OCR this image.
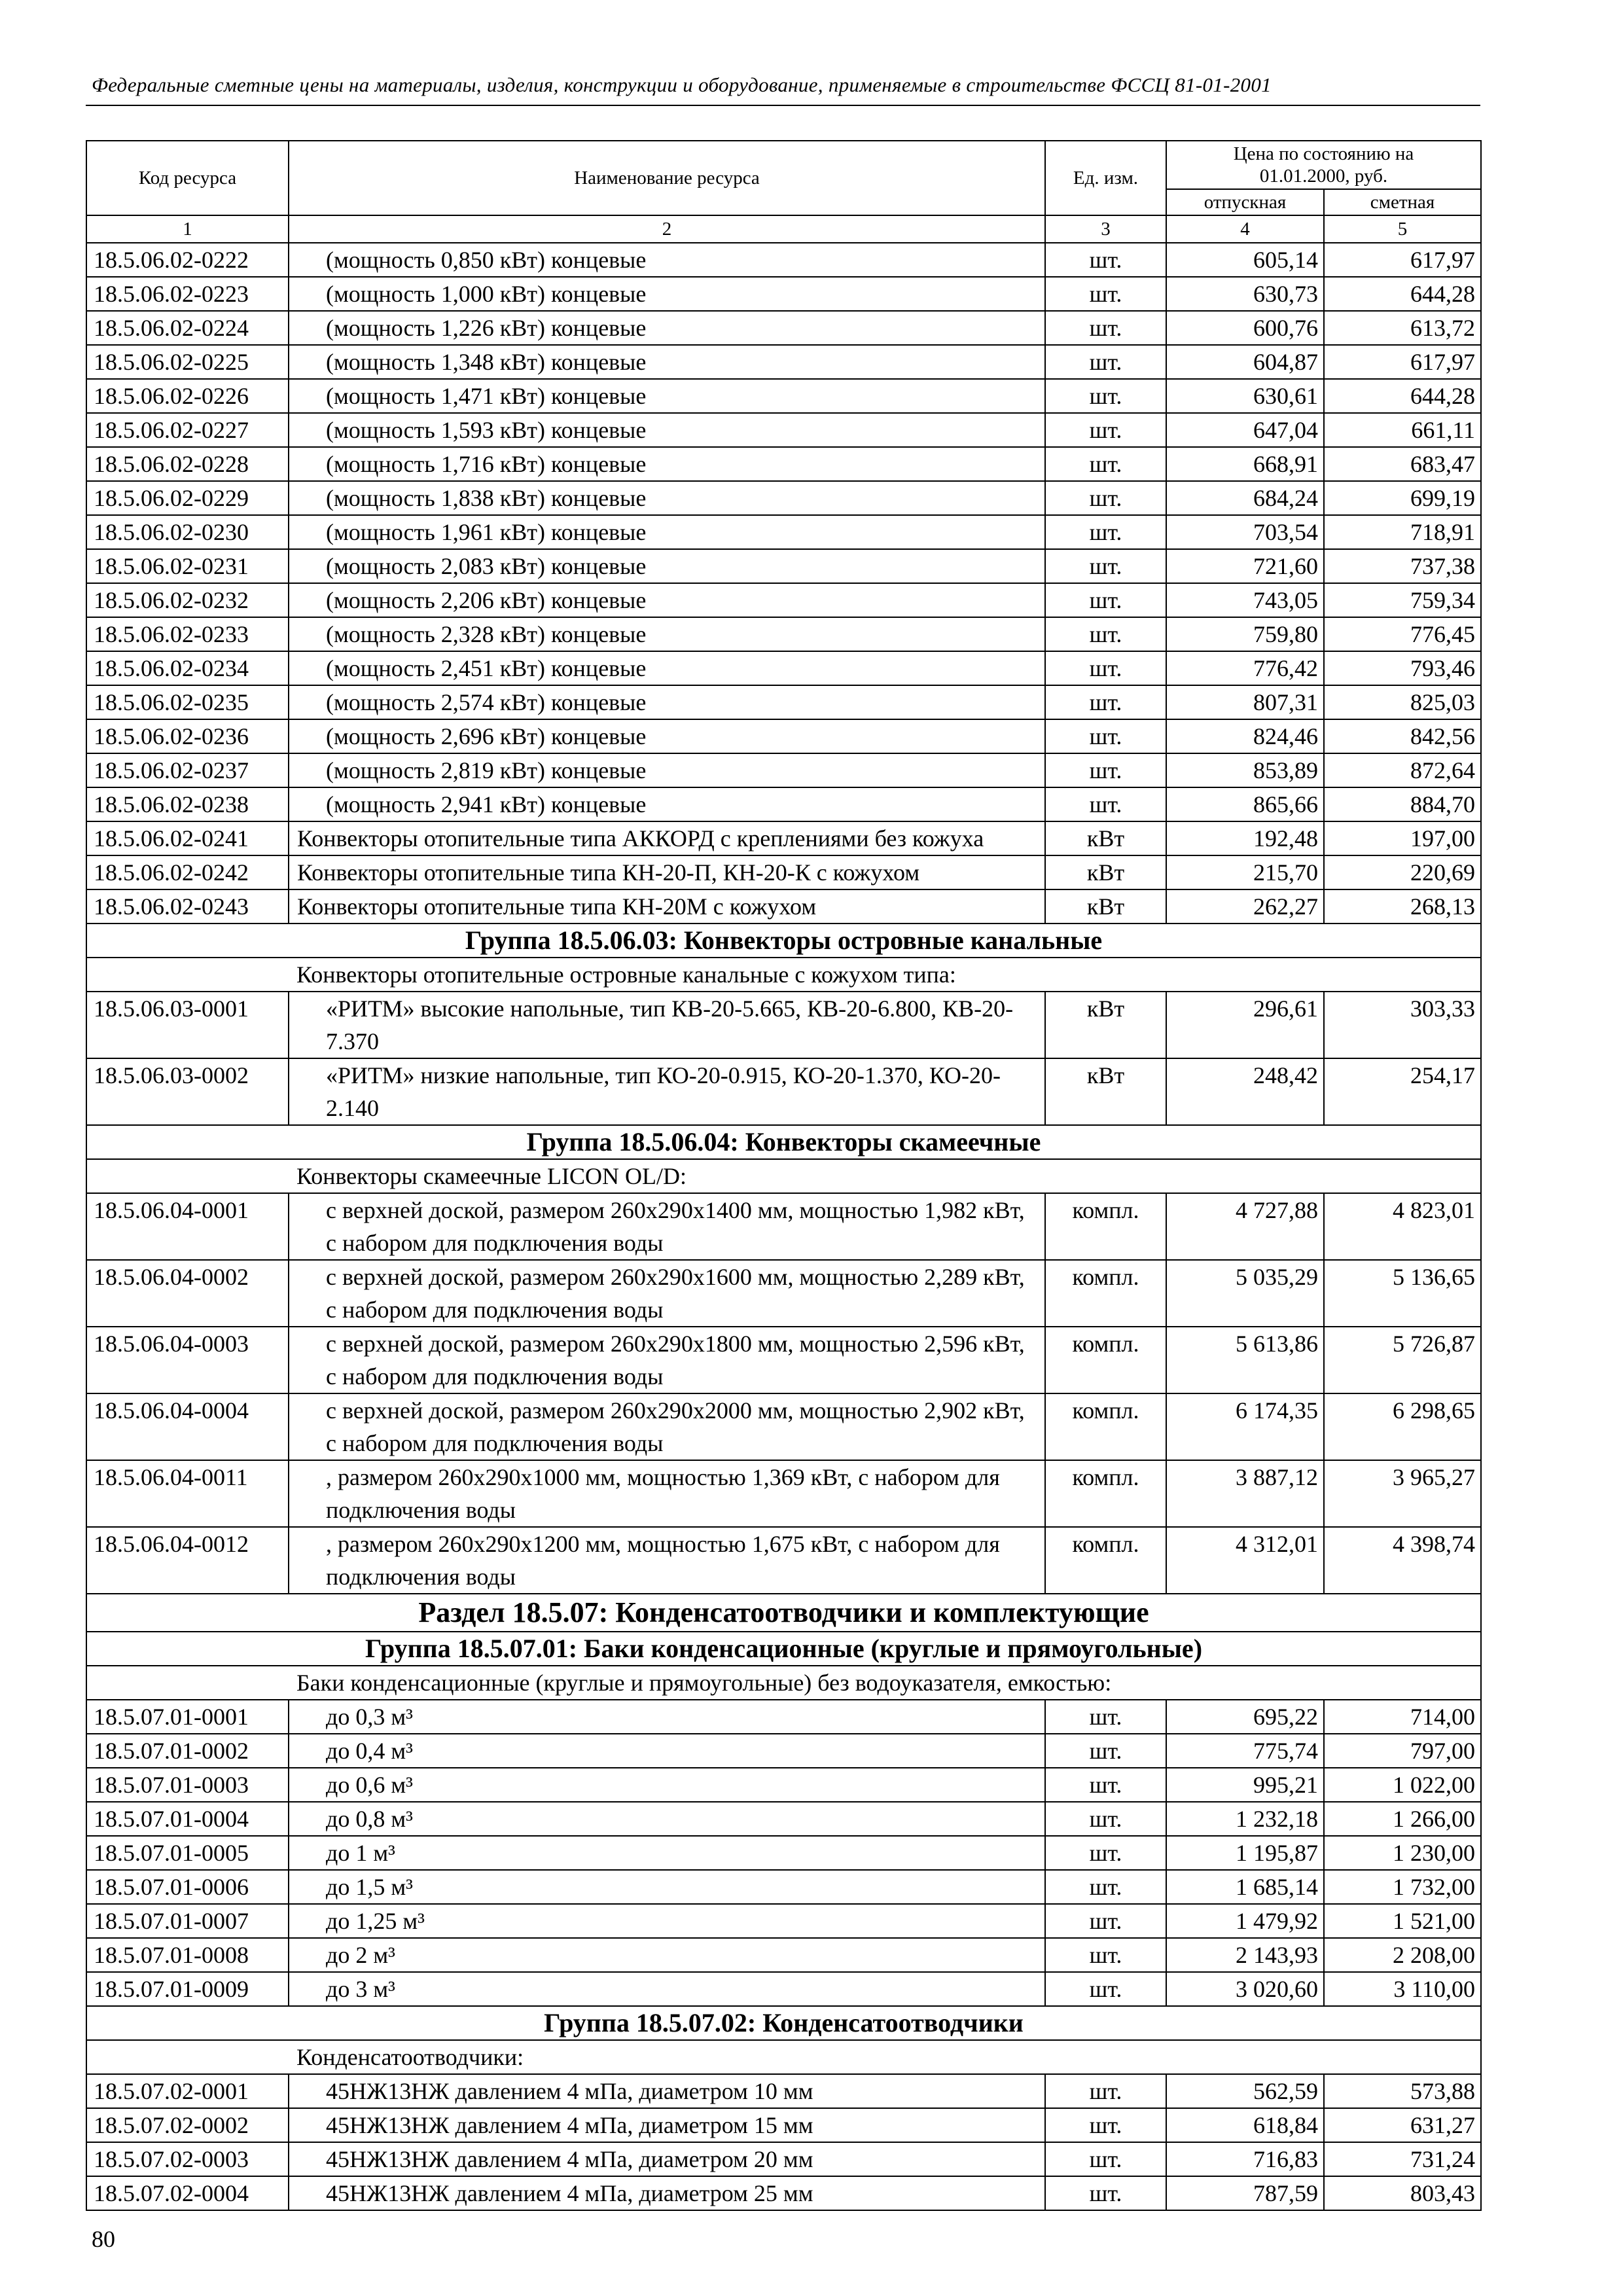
Федеральные сметные цены на материалы, изделия, конструкции и оборудование, применяемые в строительстве ФССЦ 81-01-2001
Код ресурса	Наименование ресурса	Ед. изм.	Цена по состоянию на 01.01.2000, руб.	
			отпускная	сметная
1	2	3	4	5
18.5.06.02-0222	(мощность 0,850 кВт) концевые	шт.	605,14	617,97
18.5.06.02-0223	(мощность 1,000 кВт) концевые	шт.	630,73	644,28
18.5.06.02-0224	(мощность 1,226 кВт) концевые	шт.	600,76	613,72
18.5.06.02-0225	(мощность 1,348 кВт) концевые	шт.	604,87	617,97
18.5.06.02-0226	(мощность 1,471 кВт) концевые	шт.	630,61	644,28
18.5.06.02-0227	(мощность 1,593 кВт) концевые	шт.	647,04	661,11
18.5.06.02-0228	(мощность 1,716 кВт) концевые	шт.	668,91	683,47
18.5.06.02-0229	(мощность 1,838 кВт) концевые	шт.	684,24	699,19
18.5.06.02-0230	(мощность 1,961 кВт) концевые	шт.	703,54	718,91
18.5.06.02-0231	(мощность 2,083 кВт) концевые	шт.	721,60	737,38
18.5.06.02-0232	(мощность 2,206 кВт) концевые	шт.	743,05	759,34
18.5.06.02-0233	(мощность 2,328 кВт) концевые	шт.	759,80	776,45
18.5.06.02-0234	(мощность 2,451 кВт) концевые	шт.	776,42	793,46
18.5.06.02-0235	(мощность 2,574 кВт) концевые	шт.	807,31	825,03
18.5.06.02-0236	(мощность 2,696 кВт) концевые	шт.	824,46	842,56
18.5.06.02-0237	(мощность 2,819 кВт) концевые	шт.	853,89	872,64
18.5.06.02-0238	(мощность 2,941 кВт) концевые	шт.	865,66	884,70
18.5.06.02-0241	Конвекторы отопительные типа АККОРД с креплениями без кожуха	кВт	192,48	197,00
18.5.06.02-0242	Конвекторы отопительные типа КН-20-П, КН-20-К с кожухом	кВт	215,70	220,69
18.5.06.02-0243	Конвекторы отопительные типа КН-20М с кожухом	кВт	262,27	268,13
Группа 18.5.06.03: Конвекторы островные канальные				
Конвекторы отопительные островные канальные с кожухом типа:				
18.5.06.03-0001	«РИТМ» высокие напольные, тип КВ-20-5.665, КВ-20-6.800, КВ-20-7.370	кВт	296,61	303,33
18.5.06.03-0002	«РИТМ» низкие напольные, тип КО-20-0.915, КО-20-1.370, КО-20-2.140	кВт	248,42	254,17
Группа 18.5.06.04: Конвекторы скамеечные				
Конвекторы скамеечные LICON OL/D:				
18.5.06.04-0001	с верхней доской, размером 260х290х1400 мм, мощностью 1,982 кВт, с набором для подключения воды	компл.	4 727,88	4 823,01
18.5.06.04-0002	с верхней доской, размером 260х290х1600 мм, мощностью 2,289 кВт, с набором для подключения воды	компл.	5 035,29	5 136,65
18.5.06.04-0003	с верхней доской, размером 260х290х1800 мм, мощностью 2,596 кВт, с набором для подключения воды	компл.	5 613,86	5 726,87
18.5.06.04-0004	с верхней доской, размером 260х290х2000 мм, мощностью 2,902 кВт, с набором для подключения воды	компл.	6 174,35	6 298,65
18.5.06.04-0011	, размером 260х290х1000 мм, мощностью 1,369 кВт, с набором для подключения воды	компл.	3 887,12	3 965,27
18.5.06.04-0012	, размером 260х290х1200 мм, мощностью 1,675 кВт, с набором для подключения воды	компл.	4 312,01	4 398,74
Раздел 18.5.07: Конденсатоотводчики и комплектующие				
Группа 18.5.07.01: Баки конденсационные (круглые и прямоугольные)				
Баки конденсационные (круглые и прямоугольные) без водоуказателя, емкостью:				
18.5.07.01-0001	до 0,3 м³	шт.	695,22	714,00
18.5.07.01-0002	до 0,4 м³	шт.	775,74	797,00
18.5.07.01-0003	до 0,6 м³	шт.	995,21	1 022,00
18.5.07.01-0004	до 0,8 м³	шт.	1 232,18	1 266,00
18.5.07.01-0005	до 1 м³	шт.	1 195,87	1 230,00
18.5.07.01-0006	до 1,5 м³	шт.	1 685,14	1 732,00
18.5.07.01-0007	до 1,25 м³	шт.	1 479,92	1 521,00
18.5.07.01-0008	до 2 м³	шт.	2 143,93	2 208,00
18.5.07.01-0009	до 3 м³	шт.	3 020,60	3 110,00
Группа 18.5.07.02: Конденсатоотводчики				
Конденсатоотводчики:				
18.5.07.02-0001	45НЖ13НЖ давлением 4 мПа, диаметром 10 мм	шт.	562,59	573,88
18.5.07.02-0002	45НЖ13НЖ давлением 4 мПа, диаметром 15 мм	шт.	618,84	631,27
18.5.07.02-0003	45НЖ13НЖ давлением 4 мПа, диаметром 20 мм	шт.	716,83	731,24
18.5.07.02-0004	45НЖ13НЖ давлением 4 мПа, диаметром 25 мм	шт.	787,59	803,43
80
